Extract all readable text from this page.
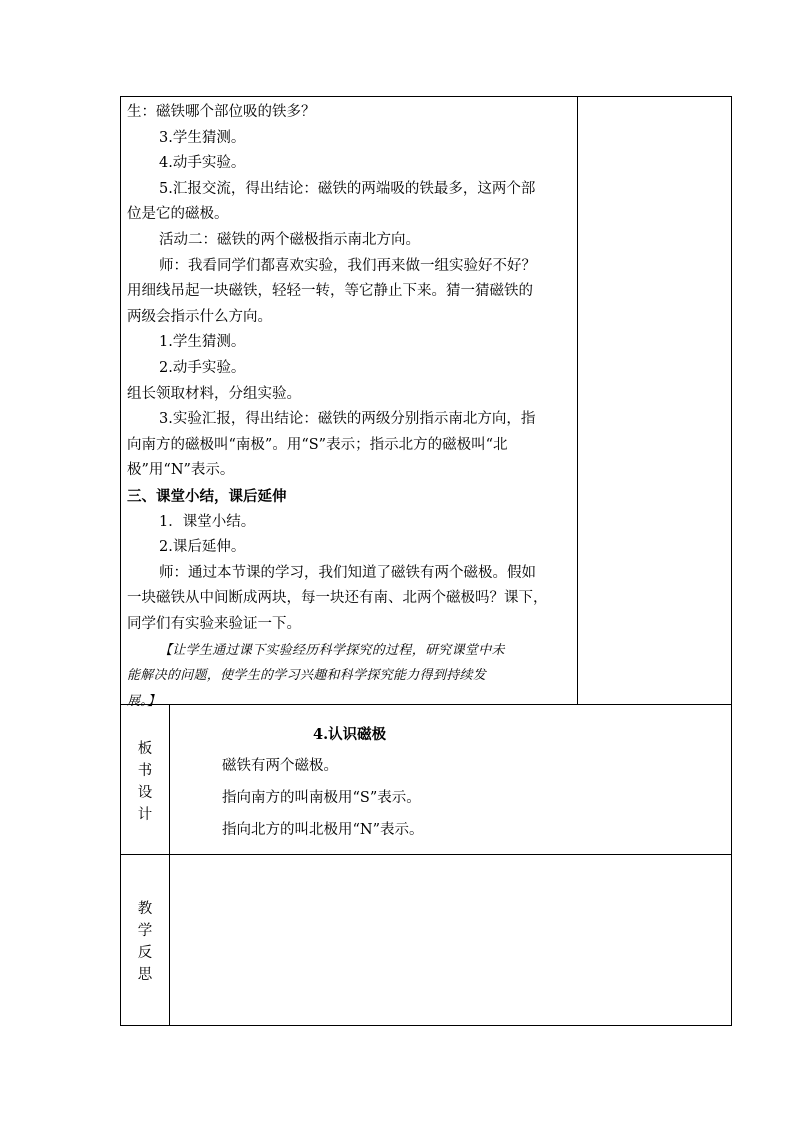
生：磁铁哪个部位吸的铁多？
3.学生猜测。
4.动手实验。
5.汇报交流，得出结论：磁铁的两端吸的铁最多，这两个部
位是它的磁极。
活动二：磁铁的两个磁极指示南北方向。
师：我看同学们都喜欢实验，我们再来做一组实验好不好？
用细线吊起一块磁铁，轻轻一转，等它静止下来。猜一猜磁铁的
两级会指示什么方向。
1.学生猜测。
2.动手实验。
组长领取材料，分组实验。
3.实验汇报，得出结论：磁铁的两级分别指示南北方向，指
向南方的磁极叫“南极”。用“S”表示；指示北方的磁极叫“北
极”用“N”表示。
三、课堂小结，课后延伸
1．课堂小结。
2.课后延伸。
师：通过本节课的学习，我们知道了磁铁有两个磁极。假如
一块磁铁从中间断成两块，每一块还有南、北两个磁极吗？课下，
同学们有实验来验证一下。
【让学生通过课下实验经历科学探究的过程，研究课堂中未
能解决的问题，使学生的学习兴趣和科学探究能力得到持续发
展。】
板
书
设
计
4.认识磁极
磁铁有两个磁极。
指向南方的叫南极用“S”表示。
指向北方的叫北极用“N”表示。
教
学
反
思
